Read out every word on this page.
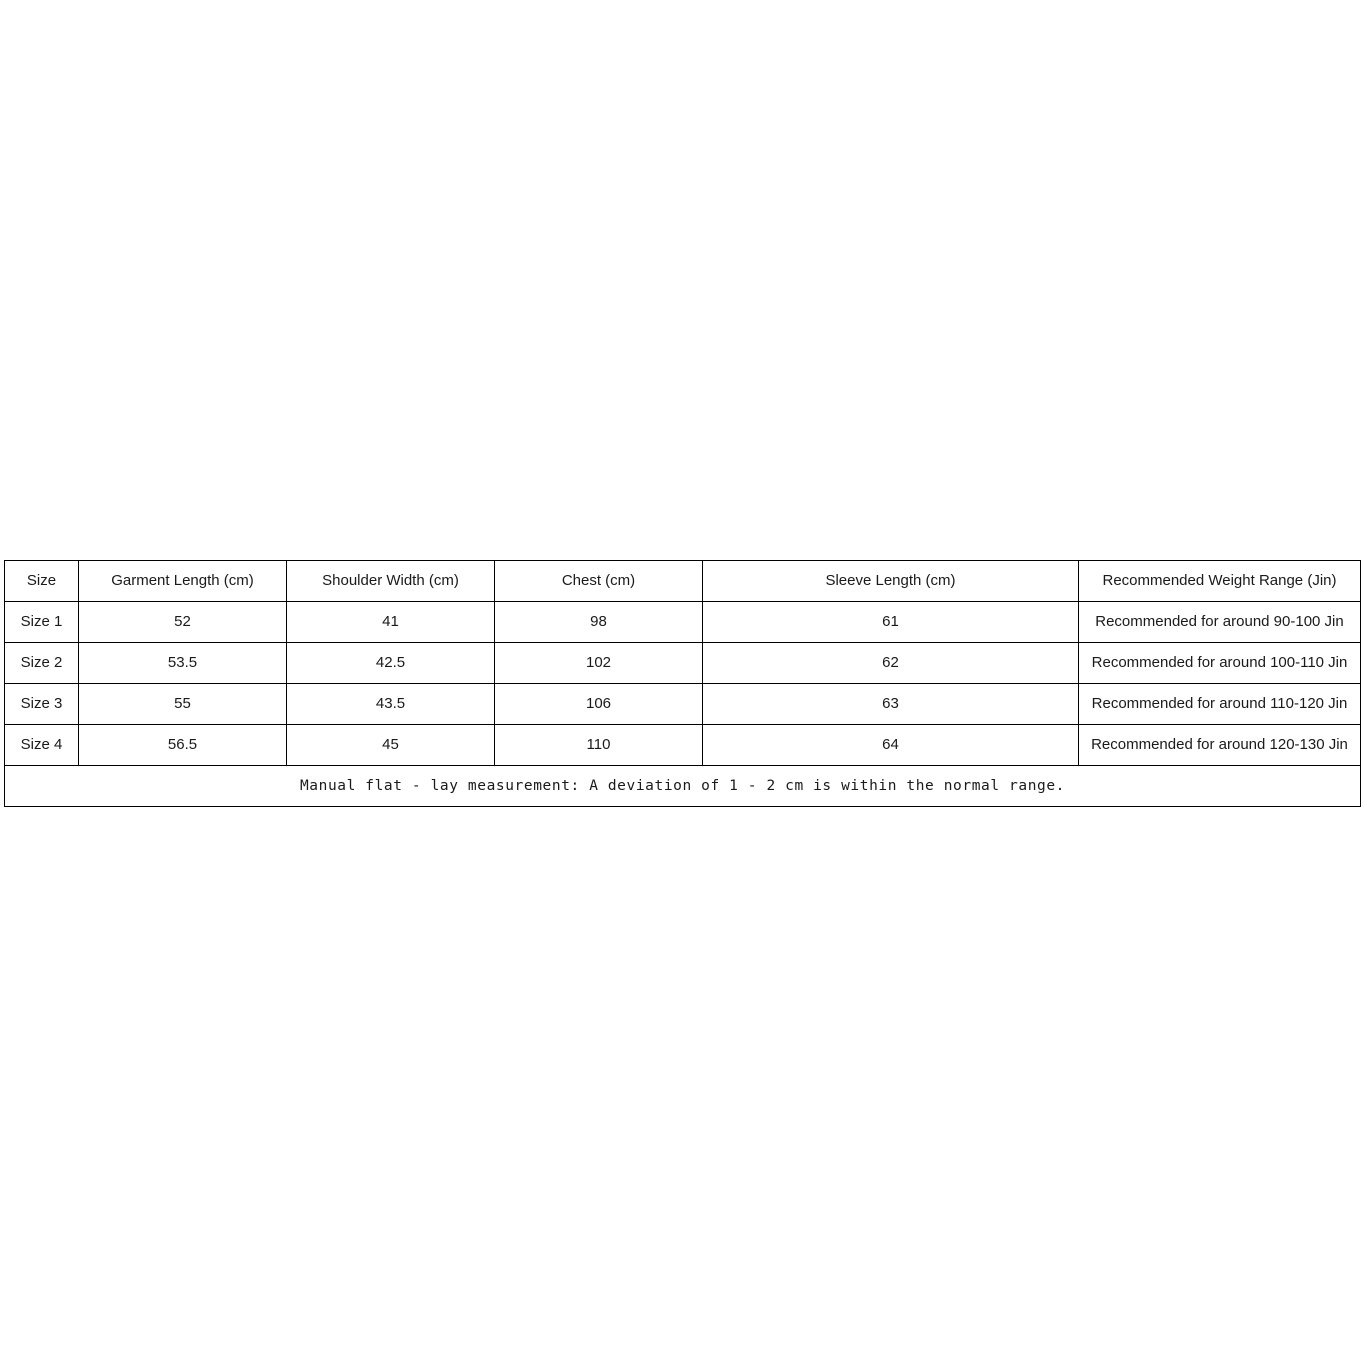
Size	Garment Length (cm)	Shoulder Width (cm)	Chest (cm)	Sleeve Length (cm)	Recommended Weight Range (Jin)
Size 1	52	41	98	61	Recommended for around 90-100 Jin
Size 2	53.5	42.5	102	62	Recommended for around 100-110 Jin
Size 3	55	43.5	106	63	Recommended for around 110-120 Jin
Size 4	56.5	45	110	64	Recommended for around 120-130 Jin
Manual flat - lay measurement: A deviation of 1 - 2 cm is within the normal range.					
